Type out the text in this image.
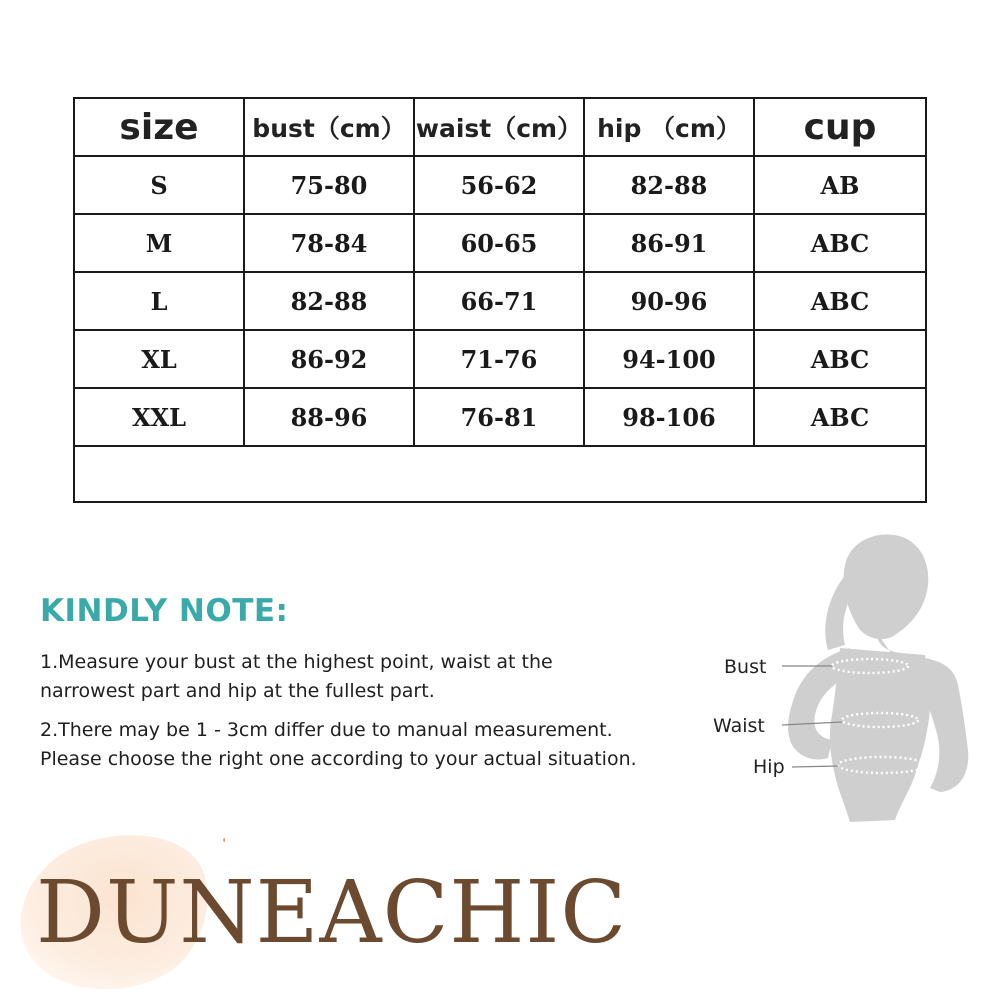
size	bust（cm）	waist（cm）	hip （cm）	cup
S	75-80	56-62	82-88	AB
M	78-84	60-65	86-91	ABC
L	82-88	66-71	90-96	ABC
XL	86-92	71-76	94-100	ABC
XXL	88-96	76-81	98-106	ABC

KINDLY NOTE:
1.Measure your bust at the highest point, waist at the
narrowest part and hip at the fullest part.
2.There may be 1 - 3cm differ due to manual measurement.
Please choose the right one according to your actual situation.
Bust
Waist
Hip
DUNEACHIC
